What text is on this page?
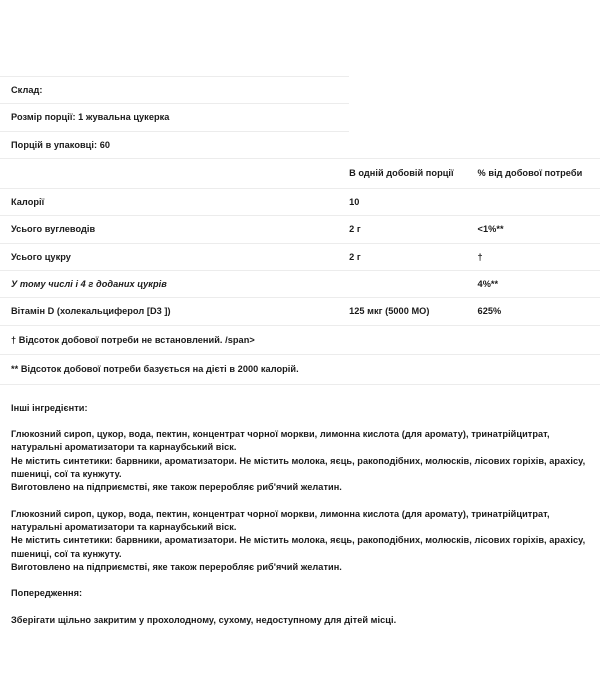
Склад:		
Розмір порції: 1 жувальна цукерка		
Порцій в упаковці: 60		
	В одній добовій порції	% від добової потреби
Калорії	10	
Усього вуглеводів	2 г	<1%**
Усього цукру	2 г	†
У тому числі і 4 г доданих цукрів		4%**
Вітамін D (холекальциферол [D3 ])	125 мкг (5000 МО)	625%
† Відсоток добової потреби не встановлений. /span>		
** Відсоток добової потреби базується на дієті в 2000 калорій.		
Інші інгредієнти:
Глюкозний сироп, цукор, вода, пектин, концентрат чорної моркви, лимонна кислота (для аромату), тринатрійцитрат, натуральні ароматизатори та карнаубський віск.
Не містить синтетики: барвники, ароматизатори. Не містить молока, яєць, ракоподібних, молюсків, лісових горіхів, арахісу, пшениці, сої та кунжуту.
Виготовлено на підприємстві, яке також переробляє риб'ячий желатин.
Глюкозний сироп, цукор, вода, пектин, концентрат чорної моркви, лимонна кислота (для аромату), тринатрійцитрат, натуральні ароматизатори та карнаубський віск.
Не містить синтетики: барвники, ароматизатори. Не містить молока, яєць, ракоподібних, молюсків, лісових горіхів, арахісу, пшениці, сої та кунжуту.
Виготовлено на підприємстві, яке також переробляє риб'ячий желатин.
Попередження:
Зберігати щільно закритим у прохолодному, сухому, недоступному для дітей місці.
